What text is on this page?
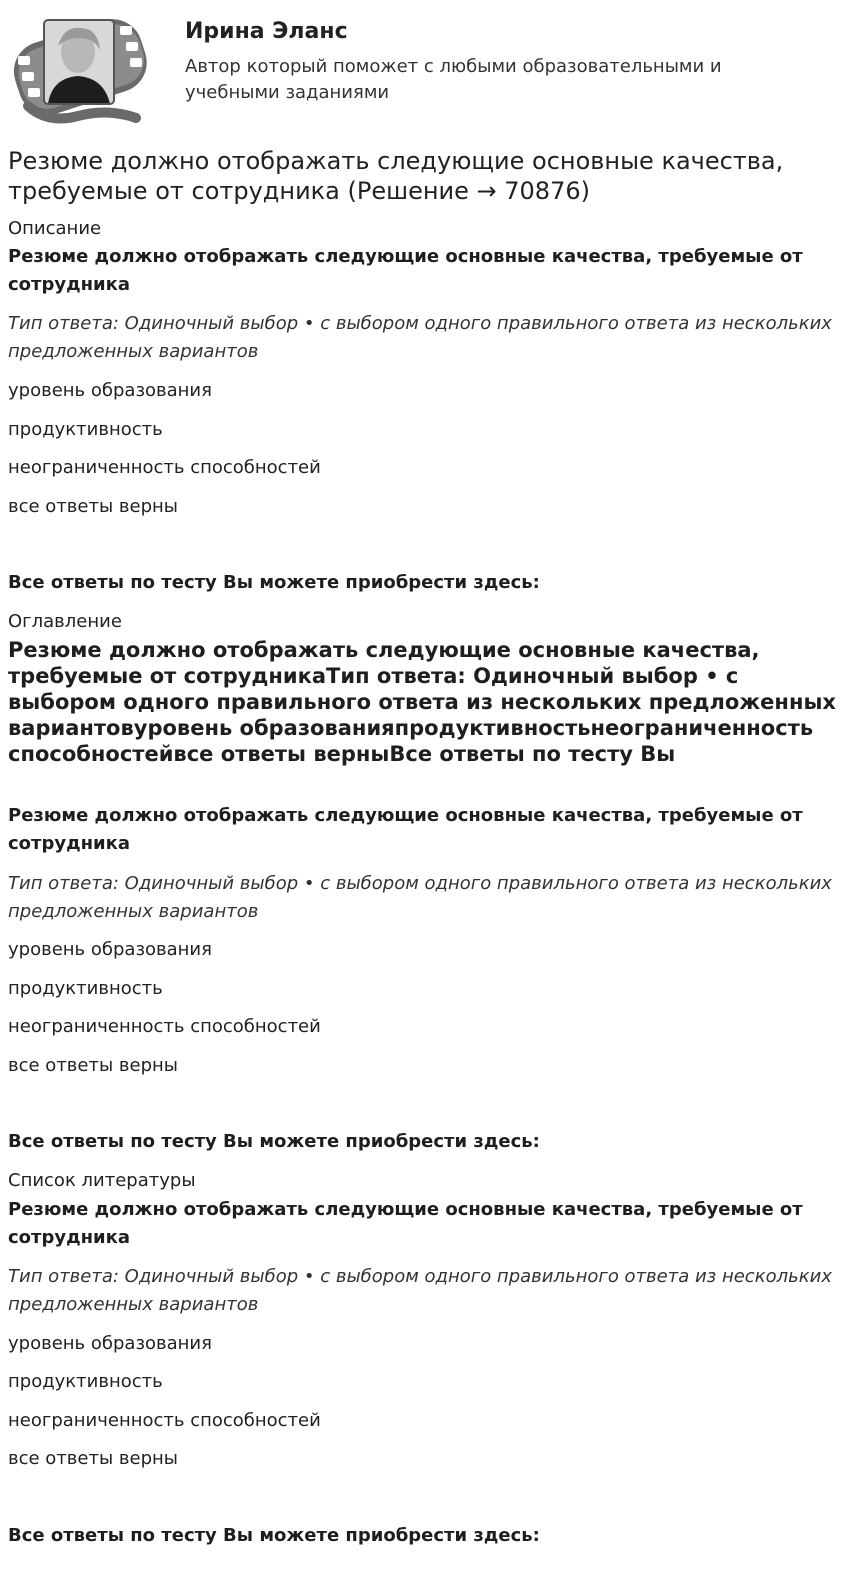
Ирина Эланс

Автор который поможет с любыми образовательными и учебными заданиями

Резюме должно отображать следующие основные качества, требуемые от сотрудника (Решение → 70876)
Описание

Резюме должно отображать следующие основные качества, требуемые от сотрудника

Тип ответа: Одиночный выбор • с выбором одного правильного ответа из нескольких предложенных вариантов

уровень образования
продуктивность
неограниченность способностей
все ответы верны
Все ответы по тесту Вы можете приобрести здесь:
Оглавление
Резюме должно отображать следующие основные качества, требуемые от сотрудникаТип ответа: Одиночный выбор • с выбором одного правильного ответа из нескольких предложенных вариантовуровень образованияпродуктивностьнеограниченность способностейвсе ответы верныВсе ответы по тесту Вы

Резюме должно отображать следующие основные качества, требуемые от сотрудника

Тип ответа: Одиночный выбор • с выбором одного правильного ответа из нескольких предложенных вариантов

уровень образования
продуктивность
неограниченность способностей
все ответы верны
Все ответы по тесту Вы можете приобрести здесь:
Список литературы

Резюме должно отображать следующие основные качества, требуемые от сотрудника

Тип ответа: Одиночный выбор • с выбором одного правильного ответа из нескольких предложенных вариантов

уровень образования
продуктивность
неограниченность способностей
все ответы верны
Все ответы по тесту Вы можете приобрести здесь:
